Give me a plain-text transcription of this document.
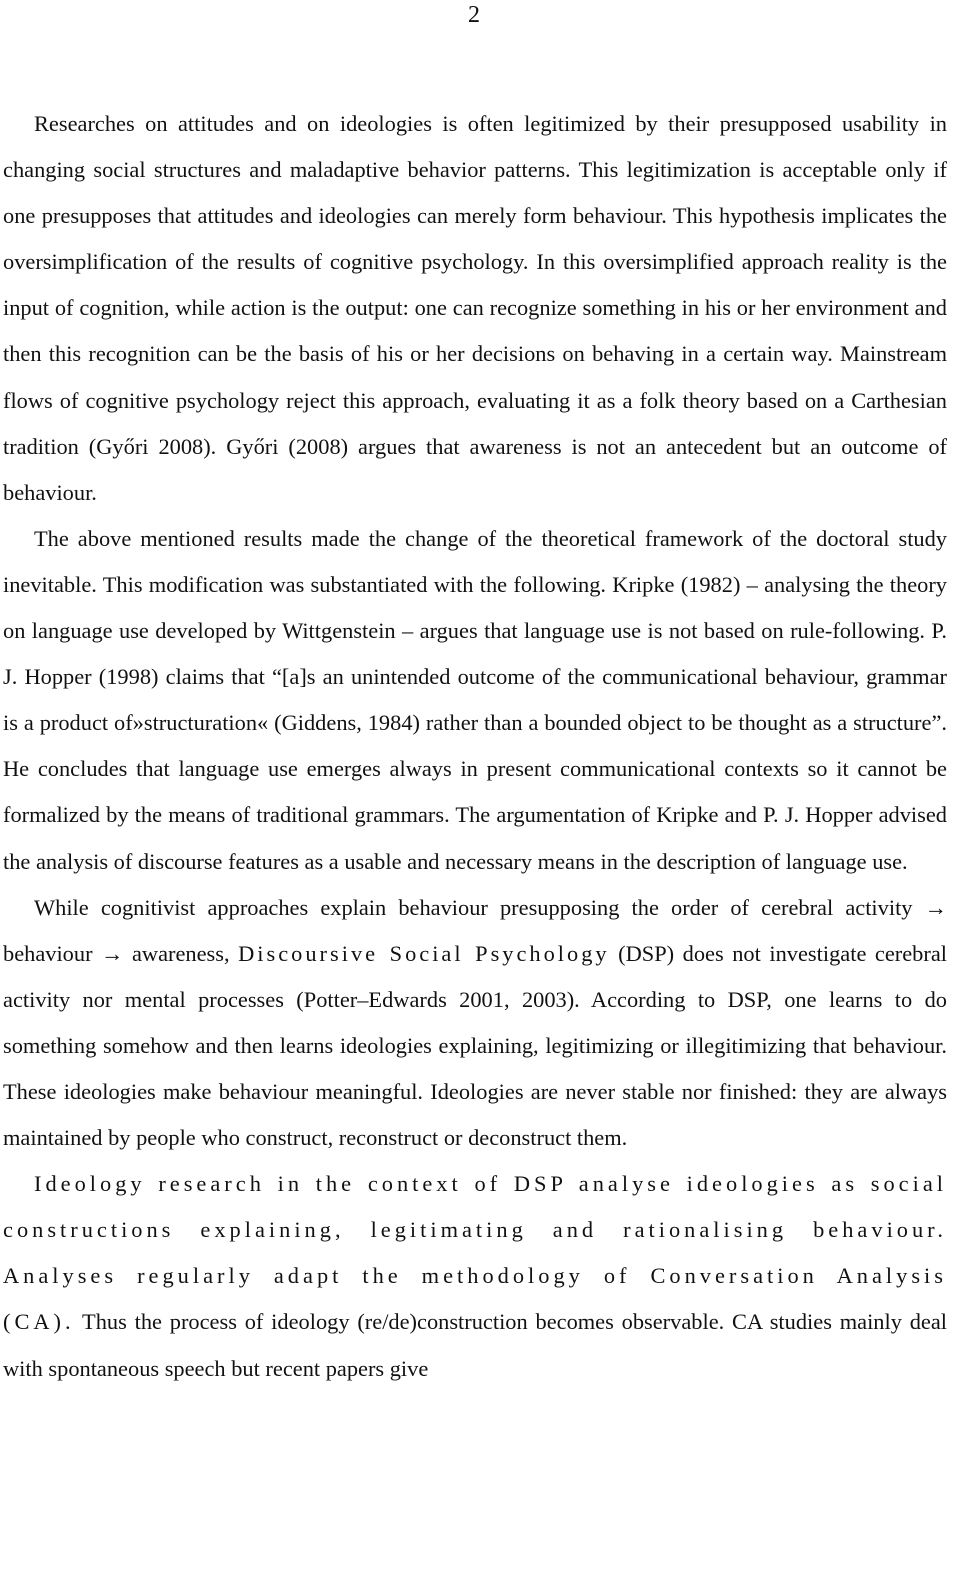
2

Researches on attitudes and on ideologies is often legitimized by their presupposed usability in changing social structures and maladaptive behavior patterns. This legitimization is acceptable only if one presupposes that attitudes and ideologies can merely form behaviour. This hypothesis implicates the oversimplification of the results of cognitive psychology. In this oversimplified approach reality is the input of cognition, while action is the output: one can recognize something in his or her environment and then this recognition can be the basis of his or her decisions on behaving in a certain way. Mainstream flows of cognitive psychology reject this approach, evaluating it as a folk theory based on a Carthesian tradition (Győri 2008). Győri (2008) argues that awareness is not an antecedent but an outcome of behaviour.

The above mentioned results made the change of the theoretical framework of the doctoral study inevitable. This modification was substantiated with the following. Kripke (1982) – analysing the theory on language use developed by Wittgenstein – argues that language use is not based on rule-following. P. J. Hopper (1998) claims that “[a]s an unintended outcome of the communicational behaviour, grammar is a product of»structuration« (Giddens, 1984) rather than a bounded object to be thought as a structure”. He concludes that language use emerges always in present communicational contexts so it cannot be formalized by the means of traditional grammars. The argumentation of Kripke and P. J. Hopper advised the analysis of discourse features as a usable and necessary means in the description of language use.

While cognitivist approaches explain behaviour presupposing the order of cerebral activity → behaviour → awareness, Discoursive Social Psychology (DSP) does not investigate cerebral activity nor mental processes (Potter–Edwards 2001, 2003). According to DSP, one learns to do something somehow and then learns ideologies explaining, legitimizing or illegitimizing that behaviour. These ideologies make behaviour meaningful. Ideologies are never stable nor finished: they are always maintained by people who construct, reconstruct or deconstruct them.

Ideology research in the context of DSP analyse ideologies as social constructions explaining, legitimating and rationalising behaviour. Analyses regularly adapt the methodology of Conversation Analysis (CA). Thus the process of ideology (re/de)construction becomes observable. CA studies mainly deal with spontaneous speech but recent papers give
